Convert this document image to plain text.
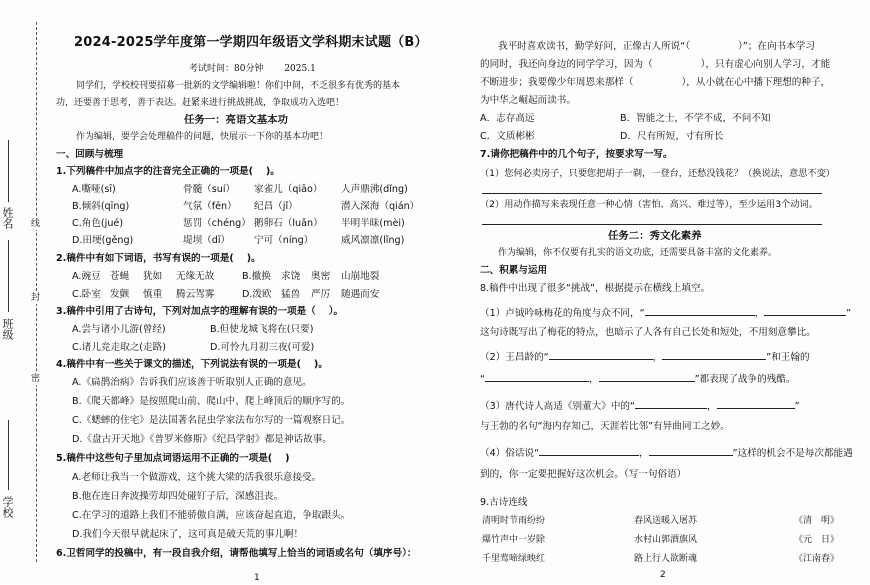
学校
班级
姓名 线
封
密
2024-2025学年度第一学期四年级语文学科期末试题（B）
考试时间：80分钟　　 2025.1
同学们，学校校刊要招募一批新的文学编辑啦！你们中间，不乏很多有优秀的基本
功，还要善于思考，善于表达。赶紧来进行挑战挑战，争取成功入选吧！
任务一：亮语文基本功
作为编辑，要学会处理稿件的问题，快展示一下你的基本功吧！
一、回顾与梳理
1.下列稿件中加点字的注音完全正确的一项是(　 )。
A.嘶哑(sī)	骨髓（suí）	家雀儿（qiāo）	人声鼎沸(dǐng)
B.倾斜(qīng)	气氛（fēn）	纪昌（jǐ）	潜入深海（qián）
C.角色(jué)	惩罚（chéng） 鹅卵石（luǎn）	半明半昧(mèi)
D.田埂(gěng)	堤坝（dī）	宁可（níng）	威风凛凛(lǐng)
2.稿件中有如下词语，书写有误的一项是(　 )。
A.豌豆 苍蝇	犹如	无缘无故	B.撤换	求饶	奥密	山崩地裂
C.卧室 发颤	慎重	腾云驾雾	D.泼欧 猛兽	严厉	随遇而安
3.稿件中引用了古诗句，下列对加点字的理解有误的一项是（　 ）。
A.尝与诸小儿游(曾经)	B.但使龙城飞将在(只要)
C.诸儿竞走取之(走路)	D.可怜九月初三夜(可爱)
4.稿件中有一些关于课文的描述，下列说法有误的一项是(　 )。
A.《扁鹊治病》告诉我们应该善于听取别人正确的意见。
B.《爬天都峰》是按照爬山前、爬山中、爬上峰顶后的顺序写的。
C.《蟋蟀的住宅》是法国著名昆虫学家法布尔写的一篇观察日记。
D.《盘古开天地》《普罗米修斯》《纪昌学射》都是神话故事。
5.稿件中这些句子里加点词语运用不正确的一项是(　 )
A.老师让我当一个做游戏，这个挑大梁的活我很乐意接受。
B.他在连日奔波操劳却四处碰钉子后，深感沮丧。
C.在学习的道路上我们不能骄傲自满，应该奋起直追，争取跟头。
D.我们今天很早就起床了，这可真是破天荒的事儿啊！
6.卫哲同学的投稿中，有一段自我介绍，请帮他填写上恰当的词语或名句（填序号）：
1
我平时喜欢读书，勤学好问，正像古人所说“（　　　　　）”；在向书本学习
的同时，我还向身边的同学学习，因为（　　　　　），只有虚心向别人学习，才能
不断进步；我要像少年周恩来那样（　　　　　），从小就在心中播下理想的种子，
为中华之崛起而读书。
A．志存高远	B．智能之士，不学不成，不问不知
C．文质彬彬	D．尺有所短，寸有所长
7.请你把稿件中的几个句子，按要求写一写。
（1）您何必卖房子，只要您把胡子一剃，一登台，还愁没钱花？（换说法，意思不变）
（2）用动作描写来表现任意一种心情（害怕、高兴、难过等），至少运用3个动词。
任务二：秀文化素养
作为编辑，你不仅要有扎实的语文功底，还需要具备丰富的文化素养。
二、积累与运用
8.稿件中出现了很多“挑战”，根据提示在横线上填空。
（1）卢钺吟咏梅花的角度与众不同，“	，	”
这句诗既写出了梅花的特点，也暗示了人各有自己长处和短处，不用刻意攀比。
（2）王昌龄的“	，	”和王翰的
“	，	”都表现了战争的残酷。
（3）唐代诗人高适《别董大》中的“	，	”
与王勃的名句“海内存知己，天涯若比邻”有异曲同工之妙。
（4）俗话说“	，	”这样的机会不是每次都能遇
到的，你一定要把握好这次机会。（写一句俗语）
9.古诗连线
清明时节雨纷纷	春风送暖入屠苏	《清　明》
爆竹声中一岁除	水村山郭酒旗风	《元　日》
千里莺啼绿映红	路上行人欲断魂	《江南春》
2
